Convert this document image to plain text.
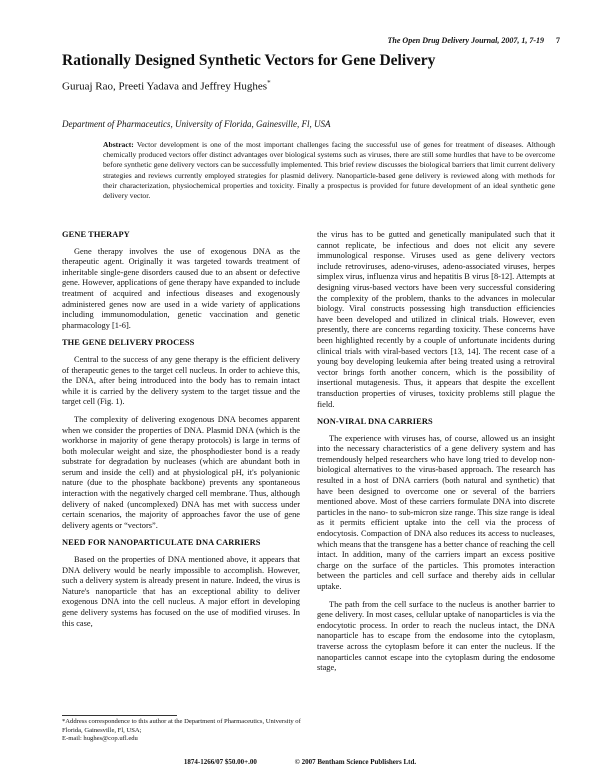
The Open Drug Delivery Journal, 2007, 1, 7-19 7
Rationally Designed Synthetic Vectors for Gene Delivery
Guruaj Rao, Preeti Yadava and Jeffrey Hughes*
Department of Pharmaceutics, University of Florida, Gainesville, Fl, USA
Abstract: Vector development is one of the most important challenges facing the successful use of genes for treatment of diseases. Although chemically produced vectors offer distinct advantages over biological systems such as viruses, there are still some hurdles that have to be overcome before synthetic gene delivery vectors can be successfully implemented. This brief review discusses the biological barriers that limit current delivery strategies and reviews currently employed strategies for plasmid delivery. Nanoparticle-based gene delivery is reviewed along with methods for their characterization, physiochemical properties and toxicity. Finally a prospectus is provided for future development of an ideal synthetic gene delivery vector.
GENE THERAPY

Gene therapy involves the use of exogenous DNA as the therapeutic agent. Originally it was targeted towards treatment of inheritable single-gene disorders caused due to an absent or defective gene. However, applications of gene therapy have expanded to include treatment of acquired and infectious diseases and exogenously administered genes now are used in a wide variety of applications including immunomodulation, genetic vaccination and genetic pharmacology [1-6].

THE GENE DELIVERY PROCESS

Central to the success of any gene therapy is the efficient delivery of therapeutic genes to the target cell nucleus. In order to achieve this, the DNA, after being introduced into the body has to remain intact while it is carried by the delivery system to the target tissue and the target cell (Fig. 1).

The complexity of delivering exogenous DNA becomes apparent when we consider the properties of DNA. Plasmid DNA (which is the workhorse in majority of gene therapy protocols) is large in terms of both molecular weight and size, the phosphodiester bond is a ready substrate for degradation by nucleases (which are abundant both in serum and inside the cell) and at physiological pH, it's polyanionic nature (due to the phosphate backbone) prevents any spontaneous interaction with the negatively charged cell membrane. Thus, although delivery of naked (uncomplexed) DNA has met with success under certain scenarios, the majority of approaches favor the use of gene delivery agents or “vectors”.

NEED FOR NANOPARTICULATE DNA CARRIERS

Based on the properties of DNA mentioned above, it appears that DNA delivery would be nearly impossible to accomplish. However, such a delivery system is already present in nature. Indeed, the virus is Nature's nanoparticle that has an exceptional ability to deliver exogenous DNA into the cell nucleus. A major effort in developing gene delivery systems has focused on the use of modified viruses. In this case,

the virus has to be gutted and genetically manipulated such that it cannot replicate, be infectious and does not elicit any severe immunological response. Viruses used as gene delivery vectors include retroviruses, adeno-viruses, adeno-associated viruses, herpes simplex virus, influenza virus and hepatitis B virus [8-12]. Attempts at designing virus-based vectors have been very successful considering the complexity of the problem, thanks to the advances in molecular biology. Viral constructs possessing high transduction efficiencies have been developed and utilized in clinical trials. However, even presently, there are concerns regarding toxicity. These concerns have been highlighted recently by a couple of unfortunate incidents during clinical trials with viral-based vectors [13, 14]. The recent case of a young boy developing leukemia after being treated using a retroviral vector brings forth another concern, which is the possibility of insertional mutagenesis. Thus, it appears that despite the excellent transduction properties of viruses, toxicity problems still plague the field.

NON-VIRAL DNA CARRIERS

The experience with viruses has, of course, allowed us an insight into the necessary characteristics of a gene delivery system and has tremendously helped researchers who have long tried to develop non-biological alternatives to the virus-based approach. The research has resulted in a host of DNA carriers (both natural and synthetic) that have been designed to overcome one or several of the barriers mentioned above. Most of these carriers formulate DNA into discrete particles in the nano- to sub-micron size range. This size range is ideal as it permits efficient uptake into the cell via the process of endocytosis. Compaction of DNA also reduces its access to nucleases, which means that the transgene has a better chance of reaching the cell intact. In addition, many of the carriers impart an excess positive charge on the surface of the particles. This promotes interaction between the particles and cell surface and thereby aids in cellular uptake.

The path from the cell surface to the nucleus is another barrier to gene delivery. In most cases, cellular uptake of nanoparticles is via the endocytotic process. In order to reach the nucleus intact, the DNA nanoparticle has to escape from the endosome into the cytoplasm, traverse across the cytoplasm before it can enter the nucleus. If the nanoparticles cannot escape into the cytoplasm during the endosome stage,

*Address correspondence to this author at the Department of Pharmaceutics, University of Florida, Gainesville, Fl, USA;
E-mail: hughes@cop.ufl.edu
1874-1266/07 $50.00+.00	© 2007 Bentham Science Publishers Ltd.
